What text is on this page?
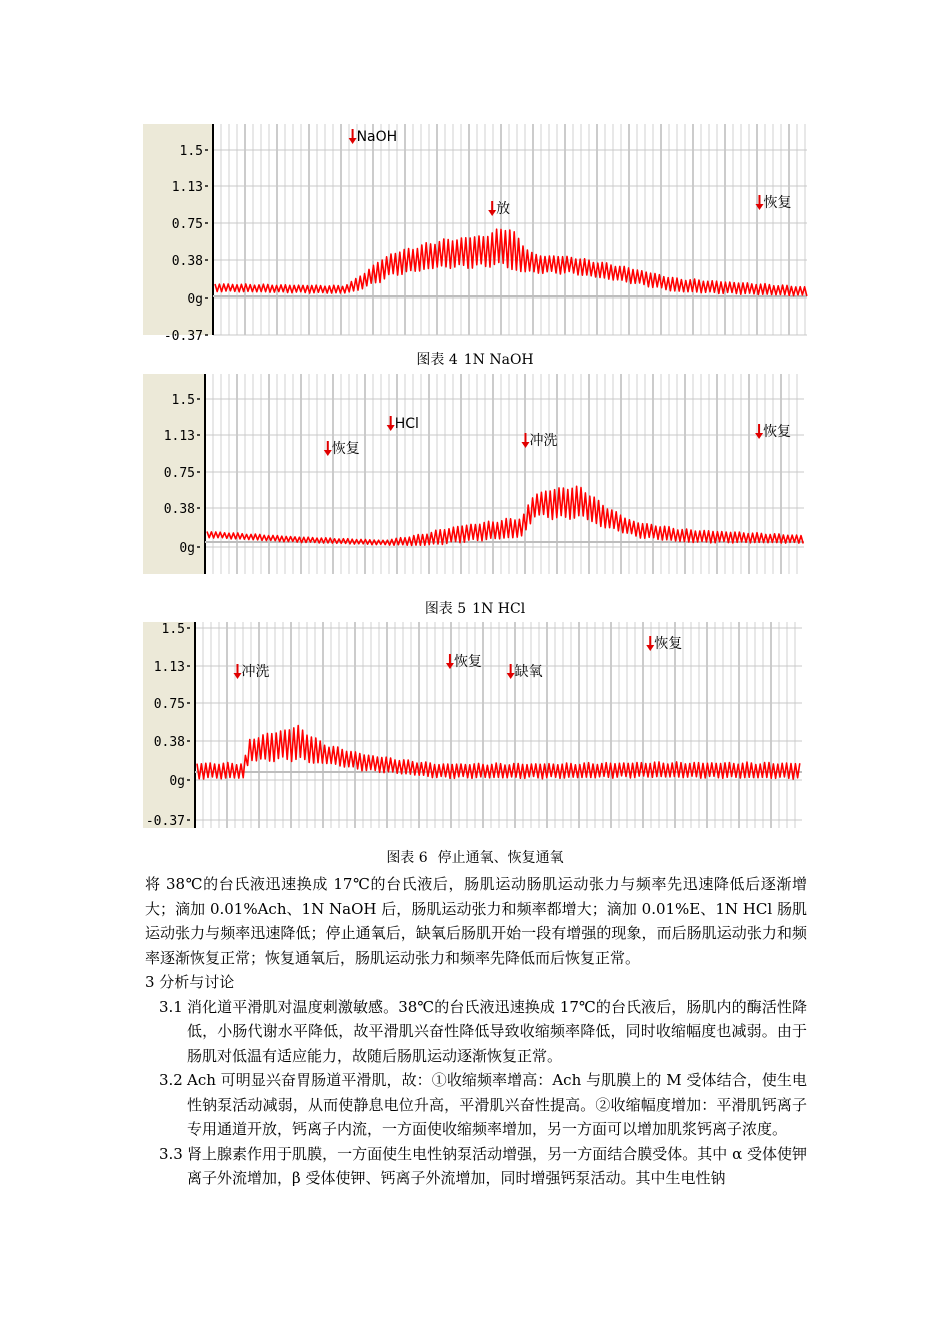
1.5
1.13
0.75
0.38
0g
-0.37
NaOH
放	恢复
图表 4 1N NaOH
1.5
1.13
0.75
0.38
0g
恢复
HCl
冲洗
恢复
图表 5 1N HCl
1.5
1.13
0.75
0.38
0g
-0.37
冲洗
恢复
缺氧
恢复
图表 6 停止通氧、恢复通氧

将 38℃的台氏液迅速换成 17℃的台氏液后，肠肌运动肠肌运动张力与频率先迅速降低后逐渐增大；滴加 0.01%Ach、1N NaOH 后，肠肌运动张力和频率都增大；滴加 0.01%E、1N HCl 肠肌运动张力与频率迅速降低；停止通氧后，缺氧后肠肌开始一段有增强的现象，而后肠肌运动张力和频率逐渐恢复正常；恢复通氧后，肠肌运动张力和频率先降低而后恢复正常。

3 分析与讨论

3.1 消化道平滑肌对温度刺激敏感。38℃的台氏液迅速换成 17℃的台氏液后，肠肌内的酶活性降低，小肠代谢水平降低，故平滑肌兴奋性降低导致收缩频率降低，同时收缩幅度也减弱。由于肠肌对低温有适应能力，故随后肠肌运动逐渐恢复正常。
3.2 Ach 可明显兴奋胃肠道平滑肌，故：①收缩频率增高：Ach 与肌膜上的 M 受体结合，使生电性钠泵活动减弱，从而使静息电位升高，平滑肌兴奋性提高。②收缩幅度增加：平滑肌钙离子专用通道开放，钙离子内流，一方面使收缩频率增加，另一方面可以增加肌浆钙离子浓度。
3.3 肾上腺素作用于肌膜，一方面使生电性钠泵活动增强，另一方面结合膜受体。其中 α 受体使钾离子外流增加，β 受体使钾、钙离子外流增加，同时增强钙泵活动。其中生电性钠
